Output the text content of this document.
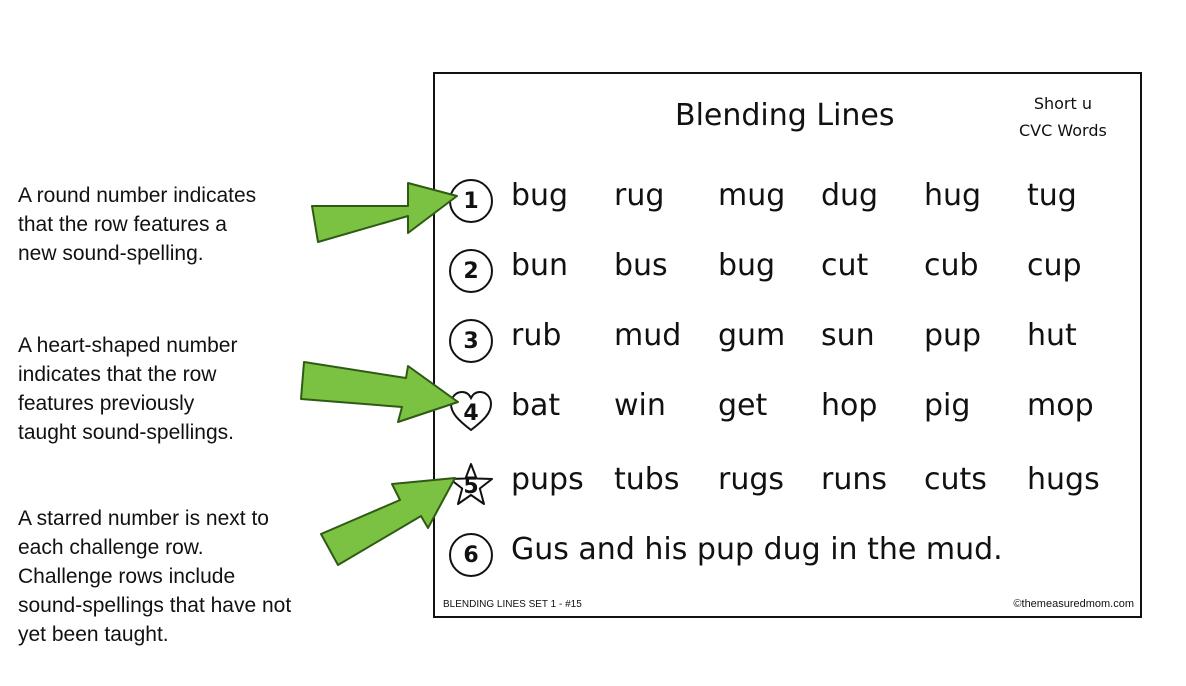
A round number indicates
that the row features a
new sound-spelling.
A heart-shaped number
indicates that the row
features previously
taught sound-spellings.
A starred number is next to
each challenge row.
Challenge rows include
sound-spellings that have not
yet been taught.
Blending Lines	Short u
CVC Words
1	bug rug mug dug hug tug
2	bun bus bug cut cub cup
3	rub mud gum sun pup hut
4	bat win get hop pig mop
5	pups tubs rugs runs cuts hugs
6	Gus and his pup dug in the mud.
BLENDING LINES SET 1 - #15	©themeasuredmom.com
